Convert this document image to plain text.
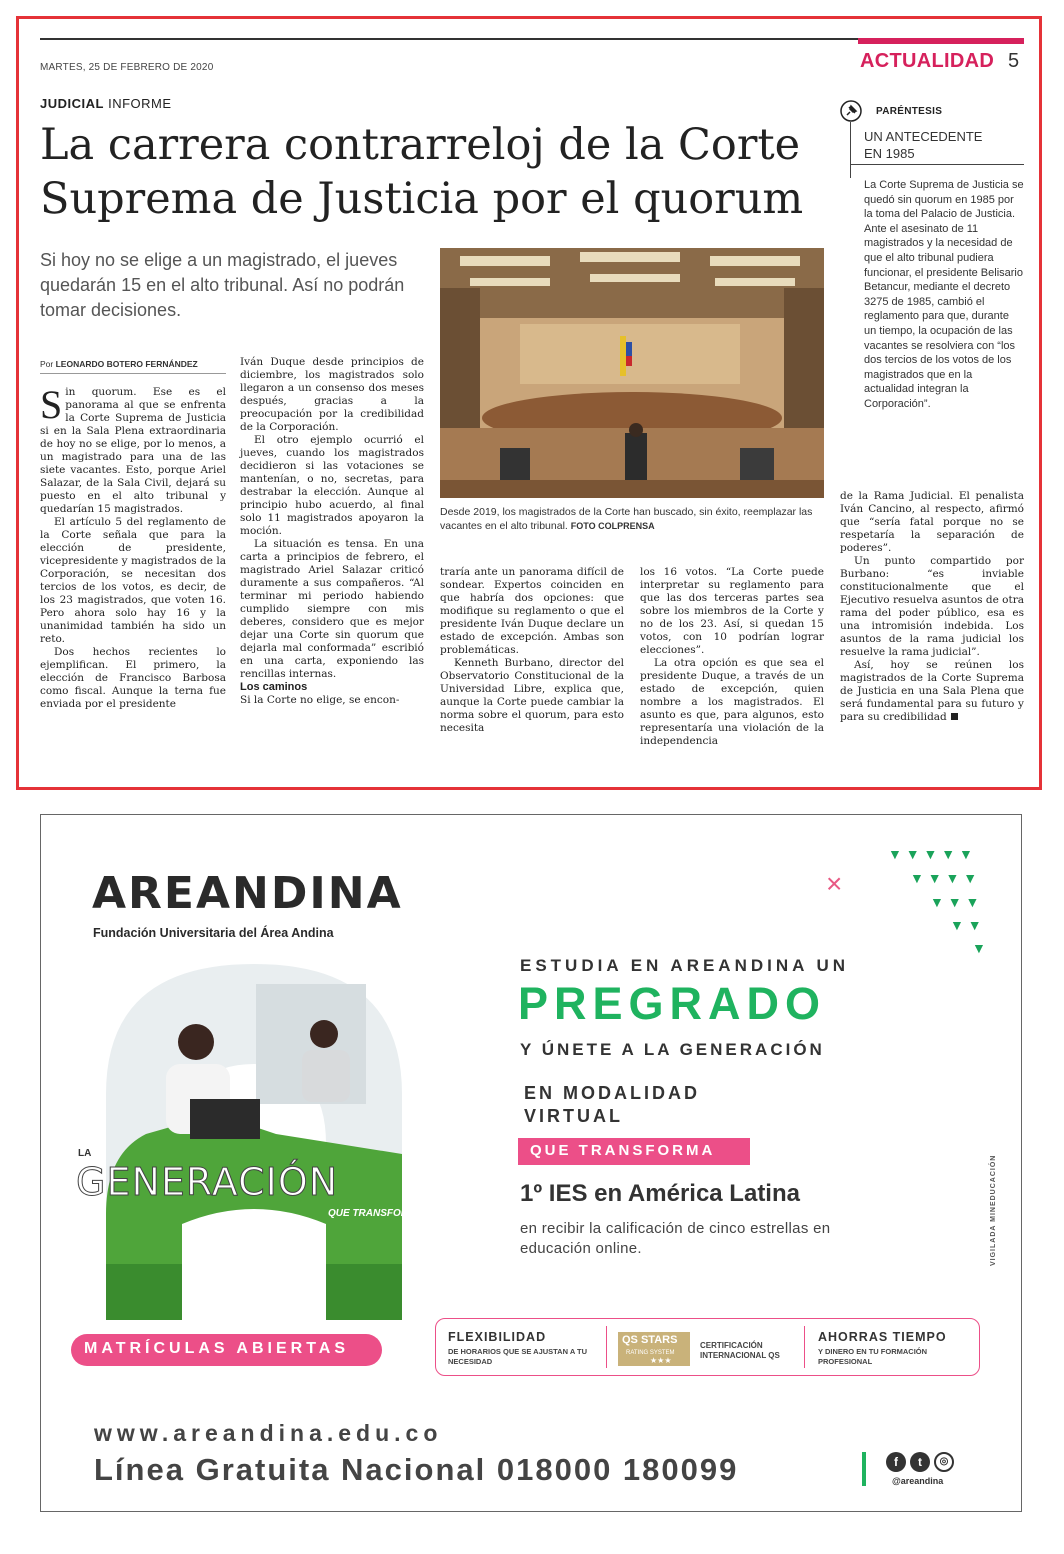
MARTES, 25 DE FEBRERO DE 2020	ACTUALIDAD 5
JUDICIAL INFORME
La carrera contrarreloj de la Corte Suprema de Justicia por el quorum
Si hoy no se elige a un magistrado, el jueves quedarán 15 en el alto tribunal. Así no podrán tomar decisiones.
Desde 2019, los magistrados de la Corte han buscado, sin éxito, reemplazar las vacantes en el alto tribunal. FOTO COLPRENSA
Por LEONARDO BOTERO FERNÁNDEZ

Sin quorum. Ese es el panorama al que se enfrenta la Corte Suprema de Justicia si en la Sala Plena extraordinaria de hoy no se elige, por lo menos, a un magistrado para una de las siete vacantes. Esto, porque Ariel Salazar, de la Sala Civil, dejará su puesto en el alto tribunal y quedarían 15 magistrados.

El artículo 5 del reglamento de la Corte señala que para la elección de presidente, vicepresidente y magistrados de la Corporación, se necesitan dos tercios de los votos, es decir, de los 23 magistrados, que voten 16. Pero ahora solo hay 16 y la unanimidad también ha sido un reto.

Dos hechos recientes lo ejemplifican. El primero, la elección de Francisco Barbosa como fiscal. Aunque la terna fue enviada por el presidente

Iván Duque desde principios de diciembre, los magistrados solo llegaron a un consenso dos meses después, gracias a la preocupación por la credibilidad de la Corporación.

El otro ejemplo ocurrió el jueves, cuando los magistrados decidieron si las votaciones se mantenían, o no, secretas, para destrabar la elección. Aunque al principio hubo acuerdo, al final solo 11 magistrados apoyaron la moción.

La situación es tensa. En una carta a principios de febrero, el magistrado Ariel Salazar criticó duramente a sus compañeros. “Al terminar mi periodo habiendo cumplido siempre con mis deberes, considero que es mejor dejar una Corte sin quorum que dejarla mal conformada” escribió en una carta, exponiendo las rencillas internas.

Los caminos

Si la Corte no elige, se encon-

traría ante un panorama difícil de sondear. Expertos coinciden en que habría dos opciones: que modifique su reglamento o que el presidente Iván Duque declare un estado de excepción. Ambas son problemáticas.

Kenneth Burbano, director del Observatorio Constitucional de la Universidad Libre, explica que, aunque la Corte puede cambiar la norma sobre el quorum, para esto necesita

los 16 votos. “La Corte puede interpretar su reglamento para que las dos terceras partes sea sobre los miembros de la Corte y no de los 23. Así, si quedan 15 votos, con 10 podrían lograr elecciones”.

La otra opción es que sea el presidente Duque, a través de un estado de excepción, quien nombre a los magistrados. El asunto es que, para algunos, esto representaría una violación de la independencia

de la Rama Judicial. El penalista Iván Cancino, al respecto, afirmó que “sería fatal porque no se respetaría la separación de poderes”.

Un punto compartido por Burbano: “es inviable constitucionalmente que el Ejecutivo resuelva asuntos de otra rama del poder público, esa es una intromisión indebida. Los asuntos de la rama judicial los resuelve la rama judicial”.

Así, hoy se reúnen los magistrados de la Corte Suprema de Justicia en una Sala Plena que será fundamental para su futuro y para su credibilidad

PARÉNTESIS
UN ANTECEDENTE
EN 1985
La Corte Suprema de Justicia se quedó sin quorum en 1985 por la toma del Palacio de Justicia. Ante el asesinato de 11 magistrados y la necesidad de que el alto tribunal pudiera funcionar, el presidente Belisario Betancur, mediante el decreto 3275 de 1985, cambió el reglamento para que, durante un tiempo, la ocupación de las vacantes se resolviera con “los dos tercios de los votos de los magistrados que en la actualidad integran la Corporación”.
AREANDINA
Fundación Universitaria del Área Andina
×
▼ ▼ ▼ ▼ ▼
▼ ▼ ▼ ▼
▼ ▼ ▼
▼ ▼
▼
ESTUDIA EN AREANDINA UN
PREGRADO
Y ÚNETE A LA GENERACIÓN
EN MODALIDAD VIRTUAL
QUE TRANSFORMA
1º IES en América Latina
en recibir la calificación de cinco estrellas en educación online.	VIGILADA MINEDUCACIÓN
LA
GENERACIÓN
QUE TRANSFORMA
MATRÍCULAS ABIERTAS
FLEXIBILIDAD
DE HORARIOS QUE SE AJUSTAN A TU NECESIDAD
QS STARS
RATING SYSTEM
★★★
CERTIFICACIÓN INTERNACIONAL QS
AHORRAS TIEMPO
Y DINERO EN TU FORMACIÓN PROFESIONAL
www.areandina.edu.co
Línea Gratuita Nacional 018000 180099	f	t	◎
@areandina
